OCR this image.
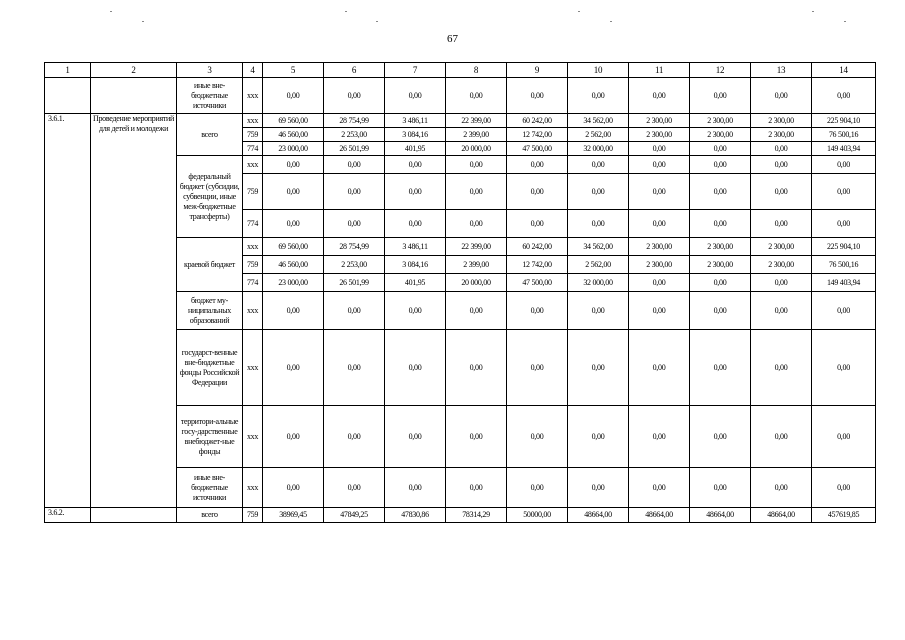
67
1	2	3	4	5	6	7	8	9	10	11	12	13	14
		иные вне-бюджетные источники	xxx	0,00	0,00	0,00	0,00	0,00	0,00	0,00	0,00	0,00	0,00
3.6.1.	Проведение мероприятий для детей и молодежи	всего	xxx	69 560,00	28 754,99	3 486,11	22 399,00	60 242,00	34 562,00	2 300,00	2 300,00	2 300,00	225 904,10
			759	46 560,00	2 253,00	3 084,16	2 399,00	12 742,00	2 562,00	2 300,00	2 300,00	2 300,00	76 500,16
			774	23 000,00	26 501,99	401,95	20 000,00	47 500,00	32 000,00	0,00	0,00	0,00	149 403,94
		федеральный бюджет (субсидии, субвенции, иные меж-бюджетные трансферты)	xxx	0,00	0,00	0,00	0,00	0,00	0,00	0,00	0,00	0,00	0,00
			759	0,00	0,00	0,00	0,00	0,00	0,00	0,00	0,00	0,00	0,00
			774	0,00	0,00	0,00	0,00	0,00	0,00	0,00	0,00	0,00	0,00
		краевой бюджет	xxx	69 560,00	28 754,99	3 486,11	22 399,00	60 242,00	34 562,00	2 300,00	2 300,00	2 300,00	225 904,10
			759	46 560,00	2 253,00	3 084,16	2 399,00	12 742,00	2 562,00	2 300,00	2 300,00	2 300,00	76 500,16
			774	23 000,00	26 501,99	401,95	20 000,00	47 500,00	32 000,00	0,00	0,00	0,00	149 403,94
		бюджет му-ниципальных образований	xxx	0,00	0,00	0,00	0,00	0,00	0,00	0,00	0,00	0,00	0,00
		государст-венные вне-бюджетные фонды Российской Федерации	xxx	0,00	0,00	0,00	0,00	0,00	0,00	0,00	0,00	0,00	0,00
		территори-альные госу-дарственные внебюджет-ные фонды	xxx	0,00	0,00	0,00	0,00	0,00	0,00	0,00	0,00	0,00	0,00
		иные вне-бюджетные источники	xxx	0,00	0,00	0,00	0,00	0,00	0,00	0,00	0,00	0,00	0,00
3.6.2.		всего	759	38969,45	47849,25	47830,86	78314,29	50000,00	48664,00	48664,00	48664,00	48664,00	457619,85
